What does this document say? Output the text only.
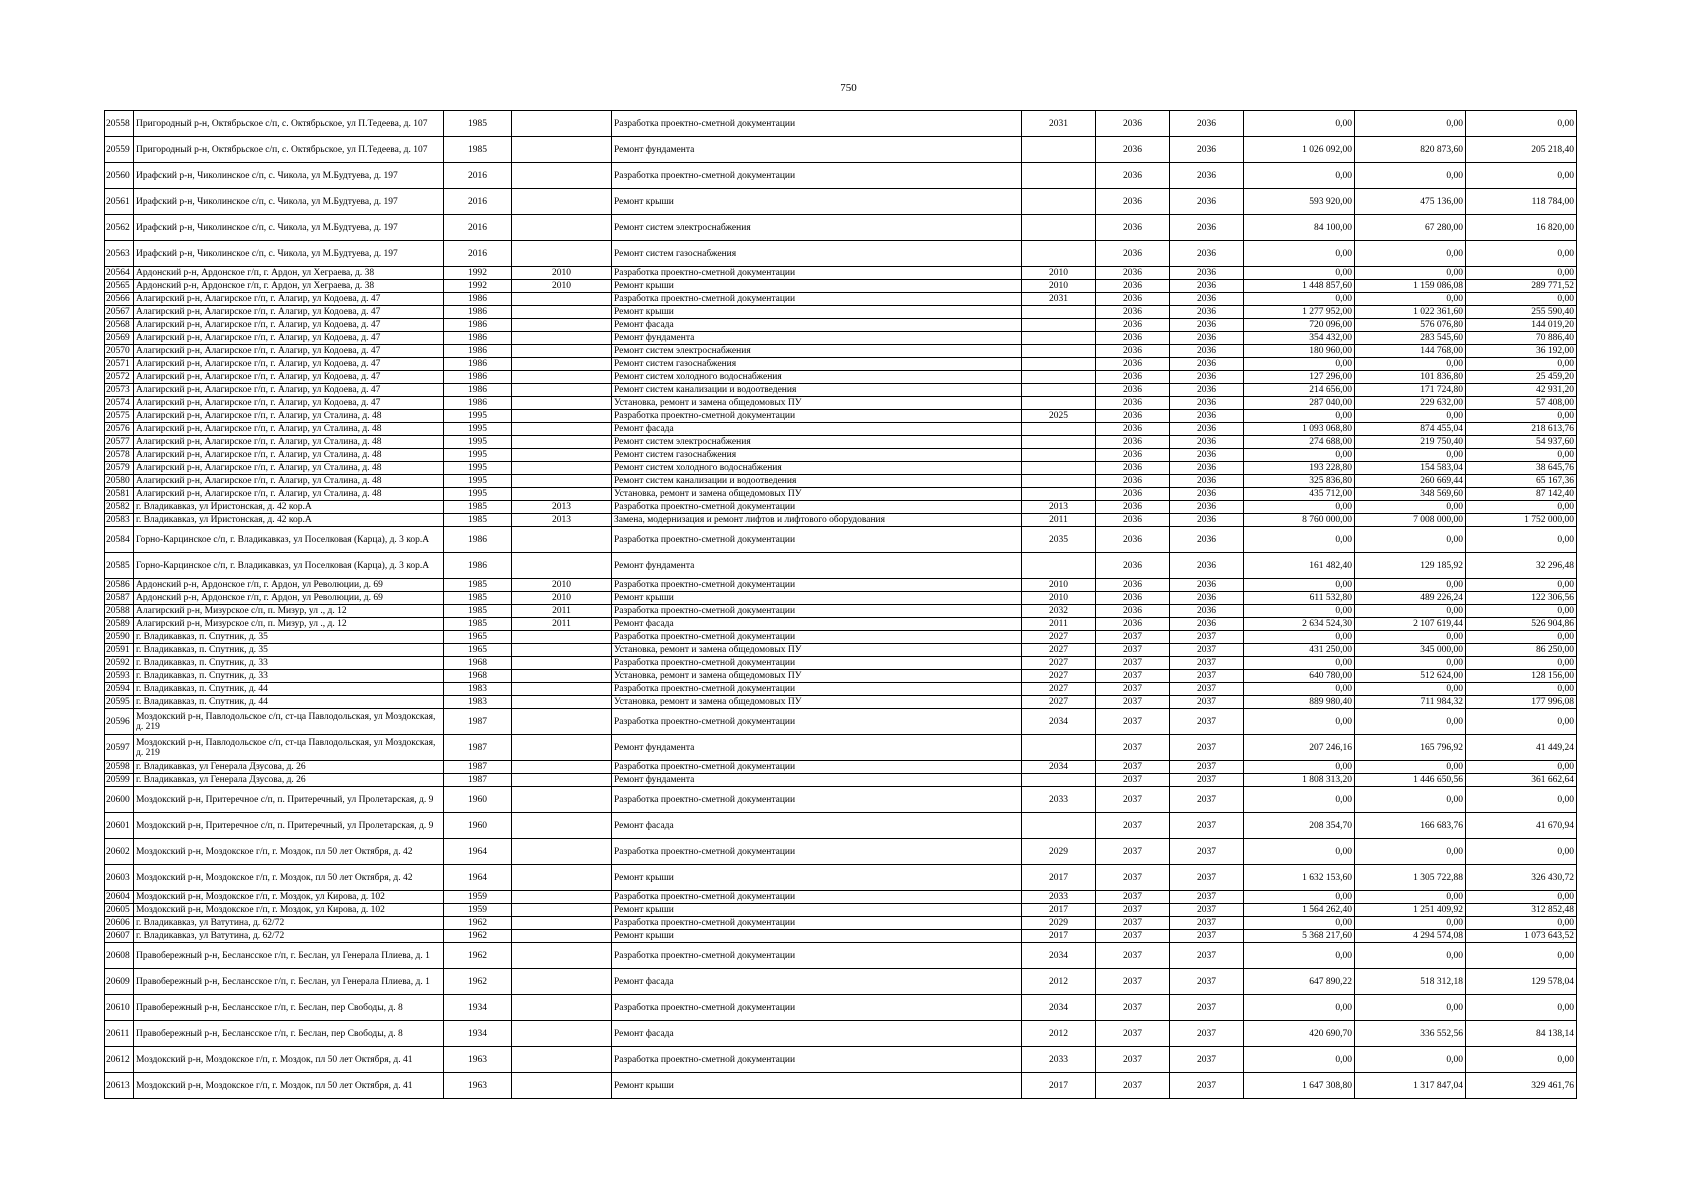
750
20558	Пригородный р-н, Октябрьское с/п, с. Октябрьское, ул П.Тедеева, д. 107	1985		Разработка проектно-сметной документации	2031	2036	2036	0,00	0,00	0,00
20559	Пригородный р-н, Октябрьское с/п, с. Октябрьское, ул П.Тедеева, д. 107	1985		Ремонт фундамента		2036	2036	1 026 092,00	820 873,60	205 218,40
20560	Ирафский р-н, Чиколинское с/п, с. Чикола, ул М.Будтуева, д. 197	2016		Разработка проектно-сметной документации		2036	2036	0,00	0,00	0,00
20561	Ирафский р-н, Чиколинское с/п, с. Чикола, ул М.Будтуева, д. 197	2016		Ремонт крыши		2036	2036	593 920,00	475 136,00	118 784,00
20562	Ирафский р-н, Чиколинское с/п, с. Чикола, ул М.Будтуева, д. 197	2016		Ремонт систем электроснабжения		2036	2036	84 100,00	67 280,00	16 820,00
20563	Ирафский р-н, Чиколинское с/п, с. Чикола, ул М.Будтуева, д. 197	2016		Ремонт систем газоснабжения		2036	2036	0,00	0,00	0,00
20564	Ардонский р-н, Ардонское г/п, г. Ардон, ул Хеграева, д. 38	1992	2010	Разработка проектно-сметной документации	2010	2036	2036	0,00	0,00	0,00
20565	Ардонский р-н, Ардонское г/п, г. Ардон, ул Хеграева, д. 38	1992	2010	Ремонт крыши	2010	2036	2036	1 448 857,60	1 159 086,08	289 771,52
20566	Алагирский р-н, Алагирское г/п, г. Алагир, ул Кодоева, д. 47	1986		Разработка проектно-сметной документации	2031	2036	2036	0,00	0,00	0,00
20567	Алагирский р-н, Алагирское г/п, г. Алагир, ул Кодоева, д. 47	1986		Ремонт крыши		2036	2036	1 277 952,00	1 022 361,60	255 590,40
20568	Алагирский р-н, Алагирское г/п, г. Алагир, ул Кодоева, д. 47	1986		Ремонт фасада		2036	2036	720 096,00	576 076,80	144 019,20
20569	Алагирский р-н, Алагирское г/п, г. Алагир, ул Кодоева, д. 47	1986		Ремонт фундамента		2036	2036	354 432,00	283 545,60	70 886,40
20570	Алагирский р-н, Алагирское г/п, г. Алагир, ул Кодоева, д. 47	1986		Ремонт систем электроснабжения		2036	2036	180 960,00	144 768,00	36 192,00
20571	Алагирский р-н, Алагирское г/п, г. Алагир, ул Кодоева, д. 47	1986		Ремонт систем газоснабжения		2036	2036	0,00	0,00	0,00
20572	Алагирский р-н, Алагирское г/п, г. Алагир, ул Кодоева, д. 47	1986		Ремонт систем холодного водоснабжения		2036	2036	127 296,00	101 836,80	25 459,20
20573	Алагирский р-н, Алагирское г/п, г. Алагир, ул Кодоева, д. 47	1986		Ремонт систем канализации и водоотведения		2036	2036	214 656,00	171 724,80	42 931,20
20574	Алагирский р-н, Алагирское г/п, г. Алагир, ул Кодоева, д. 47	1986		Установка, ремонт и замена общедомовых ПУ		2036	2036	287 040,00	229 632,00	57 408,00
20575	Алагирский р-н, Алагирское г/п, г. Алагир, ул Сталина, д. 48	1995		Разработка проектно-сметной документации	2025	2036	2036	0,00	0,00	0,00
20576	Алагирский р-н, Алагирское г/п, г. Алагир, ул Сталина, д. 48	1995		Ремонт фасада		2036	2036	1 093 068,80	874 455,04	218 613,76
20577	Алагирский р-н, Алагирское г/п, г. Алагир, ул Сталина, д. 48	1995		Ремонт систем электроснабжения		2036	2036	274 688,00	219 750,40	54 937,60
20578	Алагирский р-н, Алагирское г/п, г. Алагир, ул Сталина, д. 48	1995		Ремонт систем газоснабжения		2036	2036	0,00	0,00	0,00
20579	Алагирский р-н, Алагирское г/п, г. Алагир, ул Сталина, д. 48	1995		Ремонт систем холодного водоснабжения		2036	2036	193 228,80	154 583,04	38 645,76
20580	Алагирский р-н, Алагирское г/п, г. Алагир, ул Сталина, д. 48	1995		Ремонт систем канализации и водоотведения		2036	2036	325 836,80	260 669,44	65 167,36
20581	Алагирский р-н, Алагирское г/п, г. Алагир, ул Сталина, д. 48	1995		Установка, ремонт и замена общедомовых ПУ		2036	2036	435 712,00	348 569,60	87 142,40
20582	г. Владикавказ, ул Иристонская, д. 42 кор.А	1985	2013	Разработка проектно-сметной документации	2013	2036	2036	0,00	0,00	0,00
20583	г. Владикавказ, ул Иристонская, д. 42 кор.А	1985	2013	Замена, модернизация и ремонт лифтов и лифтового оборудования	2011	2036	2036	8 760 000,00	7 008 000,00	1 752 000,00
20584	Горно-Карцинское с/п, г. Владикавказ, ул Поселковая (Карца), д. 3 кор.А	1986		Разработка проектно-сметной документации	2035	2036	2036	0,00	0,00	0,00
20585	Горно-Карцинское с/п, г. Владикавказ, ул Поселковая (Карца), д. 3 кор.А	1986		Ремонт фундамента		2036	2036	161 482,40	129 185,92	32 296,48
20586	Ардонский р-н, Ардонское г/п, г. Ардон, ул Революции, д. 69	1985	2010	Разработка проектно-сметной документации	2010	2036	2036	0,00	0,00	0,00
20587	Ардонский р-н, Ардонское г/п, г. Ардон, ул Революции, д. 69	1985	2010	Ремонт крыши	2010	2036	2036	611 532,80	489 226,24	122 306,56
20588	Алагирский р-н, Мизурское с/п, п. Мизур, ул ., д. 12	1985	2011	Разработка проектно-сметной документации	2032	2036	2036	0,00	0,00	0,00
20589	Алагирский р-н, Мизурское с/п, п. Мизур, ул ., д. 12	1985	2011	Ремонт фасада	2011	2036	2036	2 634 524,30	2 107 619,44	526 904,86
20590	г. Владикавказ, п. Спутник, д. 35	1965		Разработка проектно-сметной документации	2027	2037	2037	0,00	0,00	0,00
20591	г. Владикавказ, п. Спутник, д. 35	1965		Установка, ремонт и замена общедомовых ПУ	2027	2037	2037	431 250,00	345 000,00	86 250,00
20592	г. Владикавказ, п. Спутник, д. 33	1968		Разработка проектно-сметной документации	2027	2037	2037	0,00	0,00	0,00
20593	г. Владикавказ, п. Спутник, д. 33	1968		Установка, ремонт и замена общедомовых ПУ	2027	2037	2037	640 780,00	512 624,00	128 156,00
20594	г. Владикавказ, п. Спутник, д. 44	1983		Разработка проектно-сметной документации	2027	2037	2037	0,00	0,00	0,00
20595	г. Владикавказ, п. Спутник, д. 44	1983		Установка, ремонт и замена общедомовых ПУ	2027	2037	2037	889 980,40	711 984,32	177 996,08
20596	Моздокский р-н, Павлодольское с/п, ст-ца Павлодольская, ул Моздокская, д. 219	1987		Разработка проектно-сметной документации	2034	2037	2037	0,00	0,00	0,00
20597	Моздокский р-н, Павлодольское с/п, ст-ца Павлодольская, ул Моздокская, д. 219	1987		Ремонт фундамента		2037	2037	207 246,16	165 796,92	41 449,24
20598	г. Владикавказ, ул Генерала Дзусова, д. 26	1987		Разработка проектно-сметной документации	2034	2037	2037	0,00	0,00	0,00
20599	г. Владикавказ, ул Генерала Дзусова, д. 26	1987		Ремонт фундамента		2037	2037	1 808 313,20	1 446 650,56	361 662,64
20600	Моздокский р-н, Притеречное с/п, п. Притеречный, ул Пролетарская, д. 9	1960		Разработка проектно-сметной документации	2033	2037	2037	0,00	0,00	0,00
20601	Моздокский р-н, Притеречное с/п, п. Притеречный, ул Пролетарская, д. 9	1960		Ремонт фасада		2037	2037	208 354,70	166 683,76	41 670,94
20602	Моздокский р-н, Моздокское г/п, г. Моздок, пл 50 лет Октября, д. 42	1964		Разработка проектно-сметной документации	2029	2037	2037	0,00	0,00	0,00
20603	Моздокский р-н, Моздокское г/п, г. Моздок, пл 50 лет Октября, д. 42	1964		Ремонт крыши	2017	2037	2037	1 632 153,60	1 305 722,88	326 430,72
20604	Моздокский р-н, Моздокское г/п, г. Моздок, ул Кирова, д. 102	1959		Разработка проектно-сметной документации	2033	2037	2037	0,00	0,00	0,00
20605	Моздокский р-н, Моздокское г/п, г. Моздок, ул Кирова, д. 102	1959		Ремонт крыши	2017	2037	2037	1 564 262,40	1 251 409,92	312 852,48
20606	г. Владикавказ, ул Ватутина, д. 62/72	1962		Разработка проектно-сметной документации	2029	2037	2037	0,00	0,00	0,00
20607	г. Владикавказ, ул Ватутина, д. 62/72	1962		Ремонт крыши	2017	2037	2037	5 368 217,60	4 294 574,08	1 073 643,52
20608	Правобережный р-н, Беслансское г/п, г. Беслан, ул Генерала Плиева, д. 1	1962		Разработка проектно-сметной документации	2034	2037	2037	0,00	0,00	0,00
20609	Правобережный р-н, Беслансское г/п, г. Беслан, ул Генерала Плиева, д. 1	1962		Ремонт фасада	2012	2037	2037	647 890,22	518 312,18	129 578,04
20610	Правобережный р-н, Беслансское г/п, г. Беслан, пер Свободы, д. 8	1934		Разработка проектно-сметной документации	2034	2037	2037	0,00	0,00	0,00
20611	Правобережный р-н, Беслансское г/п, г. Беслан, пер Свободы, д. 8	1934		Ремонт фасада	2012	2037	2037	420 690,70	336 552,56	84 138,14
20612	Моздокский р-н, Моздокское г/п, г. Моздок, пл 50 лет Октября, д. 41	1963		Разработка проектно-сметной документации	2033	2037	2037	0,00	0,00	0,00
20613	Моздокский р-н, Моздокское г/п, г. Моздок, пл 50 лет Октября, д. 41	1963		Ремонт крыши	2017	2037	2037	1 647 308,80	1 317 847,04	329 461,76
